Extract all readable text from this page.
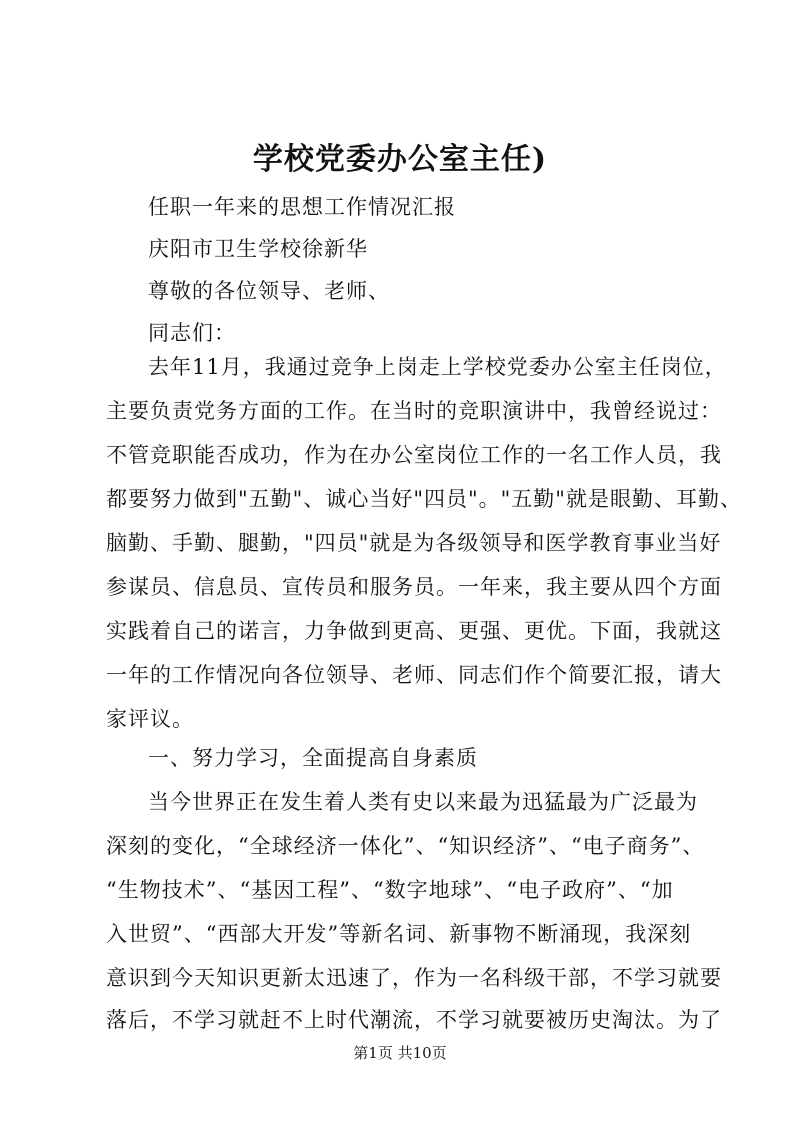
学校党委办公室主任)
任职一年来的思想工作情况汇报
庆阳市卫生学校徐新华
尊敬的各位领导、老师、
同志们：
去年11月，我通过竞争上岗走上学校党委办公室主任岗位，
主要负责党务方面的工作。在当时的竞职演讲中，我曾经说过：
不管竞职能否成功，作为在办公室岗位工作的一名工作人员，我
都要努力做到"五勤"、诚心当好"四员"。"五勤"就是眼勤、耳勤、
脑勤、手勤、腿勤，"四员"就是为各级领导和医学教育事业当好
参谋员、信息员、宣传员和服务员。一年来，我主要从四个方面
实践着自己的诺言，力争做到更高、更强、更优。下面，我就这
一年的工作情况向各位领导、老师、同志们作个简要汇报，请大
家评议。
一、努力学习，全面提高自身素质
当今世界正在发生着人类有史以来最为迅猛最为广泛最为
深刻的变化，“全球经济一体化”、“知识经济”、“电子商务”、
“生物技术”、“基因工程”、“数字地球”、“电子政府”、“加
入世贸”、“西部大开发”等新名词、新事物不断涌现，我深刻
意识到今天知识更新太迅速了，作为一名科级干部，不学习就要
落后，不学习就赶不上时代潮流，不学习就要被历史淘汰。为了
第1页 共10页
